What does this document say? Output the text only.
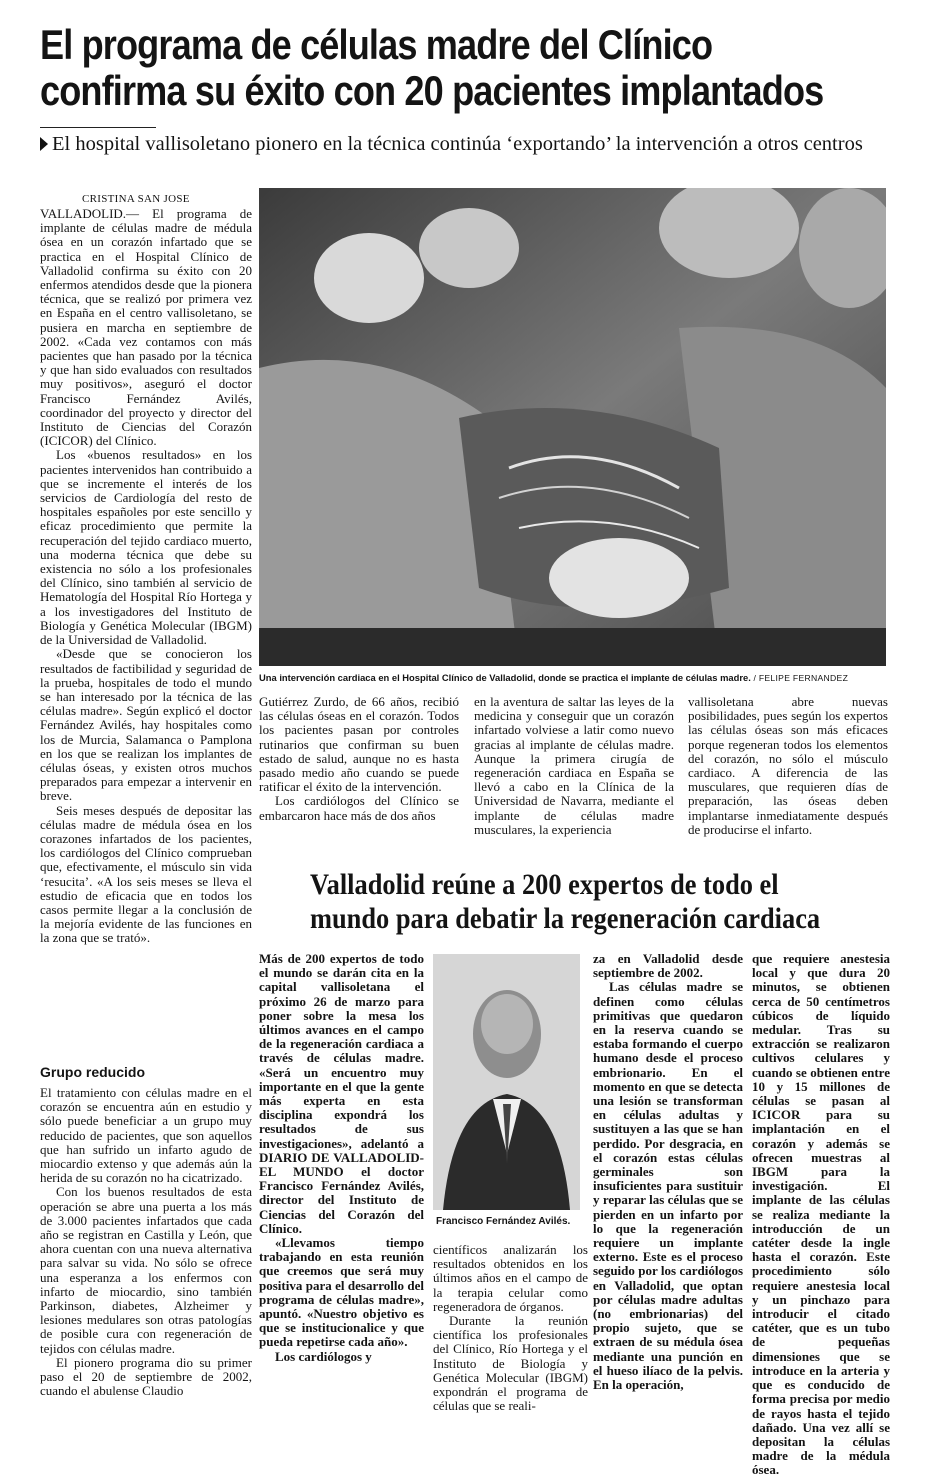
El programa de células madre del Clínico
confirma su éxito con 20 pacientes implantados
El hospital vallisoletano pionero en la técnica continúa ‘exportando’ la intervención a otros centros
CRISTINA SAN JOSE

VALLADOLID.— El programa de implante de células madre de médula ósea en un corazón infartado que se practica en el Hospital Clínico de Valladolid confirma su éxito con 20 enfermos atendidos desde que la pionera técnica, que se realizó por primera vez en España en el centro vallisoletano, se pusiera en marcha en septiembre de 2002. «Cada vez contamos con más pacientes que han pasado por la técnica y que han sido evaluados con resultados muy positivos», aseguró el doctor Francisco Fernández Avilés, coordinador del proyecto y director del Instituto de Ciencias del Corazón (ICICOR) del Clínico.

Los «buenos resultados» en los pacientes intervenidos han contribuido a que se incremente el interés de los servicios de Cardiología del resto de hospitales españoles por este sencillo y eficaz procedimiento que permite la recuperación del tejido cardiaco muerto, una moderna técnica que debe su existencia no sólo a los profesionales del Clínico, sino también al servicio de Hematología del Hospital Río Hortega y a los investigadores del Instituto de Biología y Genética Molecular (IBGM) de la Universidad de Valladolid.

«Desde que se conocieron los resultados de factibilidad y seguridad de la prueba, hospitales de todo el mundo se han interesado por la técnica de las células madre». Según explicó el doctor Fernández Avilés, hay hospitales como los de Murcia, Salamanca o Pamplona en los que se realizan los implantes de células óseas, y existen otros muchos preparados para empezar a intervenir en breve.

Seis meses después de depositar las células madre de médula ósea en los corazones infartados de los pacientes, los cardiólogos del Clínico comprueban que, efectivamente, el músculo sin vida ‘resucita’. «A los seis meses se lleva el estudio de eficacia que en todos los casos permite llegar a la conclusión de la mejoría evidente de las funciones en la zona que se trató».

Grupo reducido

El tratamiento con células madre en el corazón se encuentra aún en estudio y sólo puede beneficiar a un grupo muy reducido de pacientes, que son aquellos que han sufrido un infarto agudo de miocardio extenso y que además aún la herida de su corazón no ha cicatrizado.

Con los buenos resultados de esta operación se abre una puerta a los más de 3.000 pacientes infartados que cada año se registran en Castilla y León, que ahora cuentan con una nueva alternativa para salvar su vida. No sólo se ofrece una esperanza a los enfermos con infarto de miocardio, sino también Parkinson, diabetes, Alzheimer y lesiones medulares son otras patologías de posible cura con regeneración de tejidos con células madre.

El pionero programa dio su primer paso el 20 de septiembre de 2002, cuando el abulense Claudio

Una intervención cardiaca en el Hospital Clínico de Valladolid, donde se practica el implante de células madre. / FELIPE FERNANDEZ

Gutiérrez Zurdo, de 66 años, recibió las células óseas en el corazón. Todos los pacientes pasan por controles rutinarios que confirman su buen estado de salud, aunque no es hasta pasado medio año cuando se puede ratificar el éxito de la intervención.

Los cardiólogos del Clínico se embarcaron hace más de dos años

en la aventura de saltar las leyes de la medicina y conseguir que un corazón infartado volviese a latir como nuevo gracias al implante de células madre. Aunque la primera cirugía de regeneración cardiaca en España se llevó a cabo en la Clínica de la Universidad de Navarra, mediante el implante de células madre musculares, la experiencia

vallisoletana abre nuevas posibilidades, pues según los expertos las células óseas son más eficaces porque regeneran todos los elementos del corazón, no sólo el músculo cardiaco. A diferencia de las musculares, que requieren días de preparación, las óseas deben implantarse inmediatamente después de producirse el infarto.

Valladolid reúne a 200 expertos de todo el
mundo para debatir la regeneración cardiaca

Más de 200 expertos de todo el mundo se darán cita en la capital vallisoletana el próximo 26 de marzo para poner sobre la mesa los últimos avances en el campo de la regeneración cardiaca a través de células madre. «Será un encuentro muy importante en el que la gente más experta en esta disciplina expondrá los resultados de sus investigaciones», adelantó a DIARIO DE VALLADOLID-EL MUNDO el doctor Francisco Fernández Avilés, director del Instituto de Ciencias del Corazón del Clínico.

«Llevamos tiempo trabajando en esta reunión que creemos que será muy positiva para el desarrollo del programa de células madre», apuntó. «Nuestro objetivo es que se institucionalice y que pueda repetirse cada año».

Los cardiólogos y

Francisco Fernández Avilés.

científicos analizarán los resultados obtenidos en los últimos años en el campo de la terapia celular como regeneradora de órganos.

Durante la reunión científica los profesionales del Clínico, Río Hortega y el Instituto de Biología y Genética Molecular (IBGM) expondrán el programa de células que se reali-

za en Valladolid desde septiembre de 2002.

Las células madre se definen como células primitivas que quedaron en la reserva cuando se estaba formando el cuerpo humano desde el proceso embrionario. En el momento en que se detecta una lesión se transforman en células adultas y sustituyen a las que se han perdido. Por desgracia, en el corazón estas células germinales son insuficientes para sustituir y reparar las células que se pierden en un infarto por lo que la regeneración requiere un implante externo. Este es el proceso seguido por los cardiólogos en Valladolid, que optan por células madre adultas (no embrionarias) del propio sujeto, que se extraen de su médula ósea mediante una punción en el hueso ilíaco de la pelvis. En la operación,

que requiere anestesia local y que dura 20 minutos, se obtienen cerca de 50 centímetros cúbicos de líquido medular. Tras su extracción se realizaron cultivos celulares y cuando se obtienen entre 10 y 15 millones de células se pasan al ICICOR para su implantación en el corazón y además se ofrecen muestras al IBGM para la investigación. El implante de las células se realiza mediante la introducción de un catéter desde la ingle hasta el corazón. Este procedimiento sólo requiere anestesia local y un pinchazo para introducir el citado catéter, que es un tubo de pequeñas dimensiones que se introduce en la arteria y que es conducido de forma precisa por medio de rayos hasta el tejido dañado. Una vez allí se depositan la células madre de la médula ósea.
